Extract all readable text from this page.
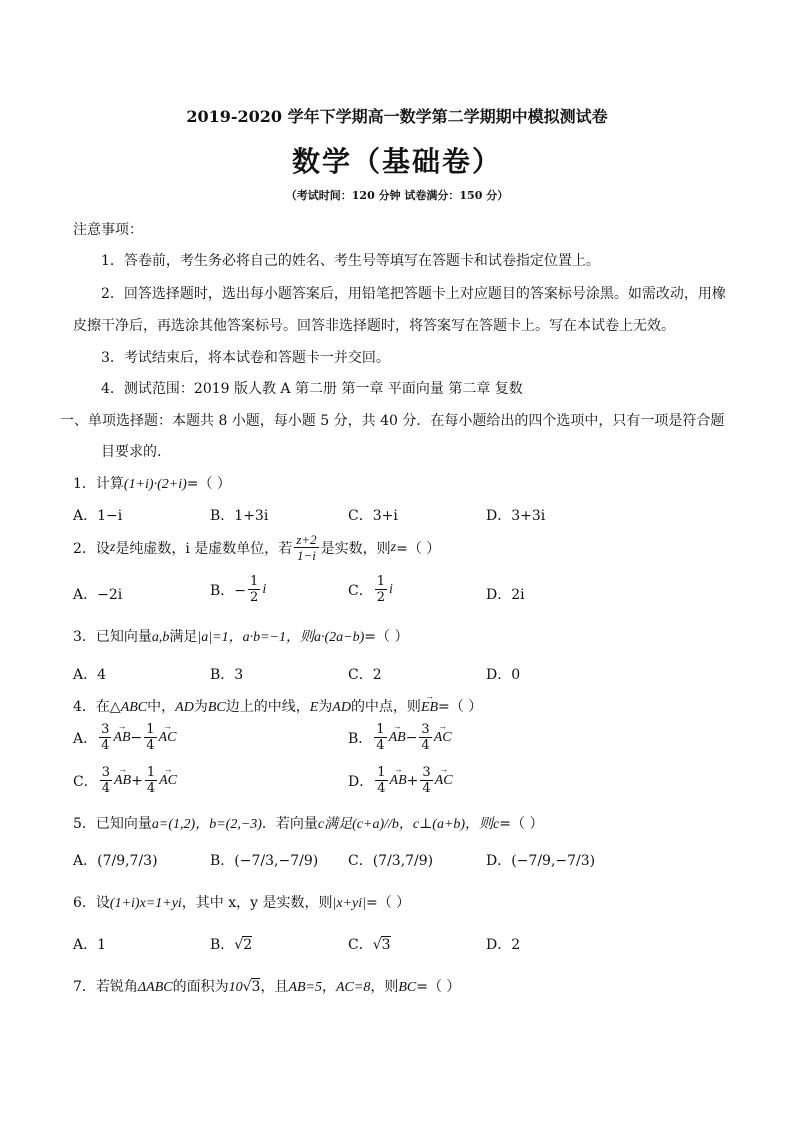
2019-2020 学年下学期高一数学第二学期期中模拟测试卷
数学（基础卷）
（考试时间：120 分钟 试卷满分：150 分）
注意事项：
1．答卷前，考生务必将自己的姓名、考生号等填写在答题卡和试卷指定位置上。
2．回答选择题时，选出每小题答案后，用铅笔把答题卡上对应题目的答案标号涂黑。如需改动，用橡
皮擦干净后，再选涂其他答案标号。回答非选择题时，将答案写在答题卡上。写在本试卷上无效。
3．考试结束后，将本试卷和答题卡一并交回。
4．测试范围：2019 版人教 A 第二册 第一章 平面向量 第二章 复数
一、单项选择题：本题共 8 小题，每小题 5 分，共 40 分．在每小题给出的四个选项中，只有一项是符合题
目要求的.
1．计算(1+i)·(2+i)=（ ）
A．1−i	B．1+3i	C．3+i	D．3+3i
2．设 z 是纯虚数，i 是虚数单位，若 $\frac{z+2}{1-i}$ 是实数，则 z =（ ）
A．−2i	B．− $\frac{1}{2}$ i	C． $\frac{1}{2}$ i	D．2i
3．已知向量a,b满足|a|=1，a·b=−1，则a·(2a−b)=（ ）
A．4	B．3	C．2	D．0
4．在△ABC中，AD为BC边上的中线，E为AD的中点，则→ EB=（ ）
A． $\frac{3}{4}$ → AB − $\frac{1}{4}$ → AC	B． $\frac{1}{4}$ → AB − $\frac{3}{4}$ → AC
C． $\frac{3}{4}$ → AB + $\frac{1}{4}$ → AC	D． $\frac{1}{4}$ → AB + $\frac{3}{4}$ → AC
5．已知向量a=(1,2)，b=(2,−3)．若向量c满足(c+a)//b，c⊥(a+b)，则c=（ ）
A．(7/9,7/3)	B．(−7/3,−7/9) C．(7/3,7/9)	D．(−7/9,−7/3)
6．设(1+i)x=1+yi，其中 x，y 是实数，则|x+yi|=（ ）
A．1	B．√2	C．√3	D．2
7．若锐角ΔABC的面积为10√3，且AB=5，AC=8，则BC=（ ）
